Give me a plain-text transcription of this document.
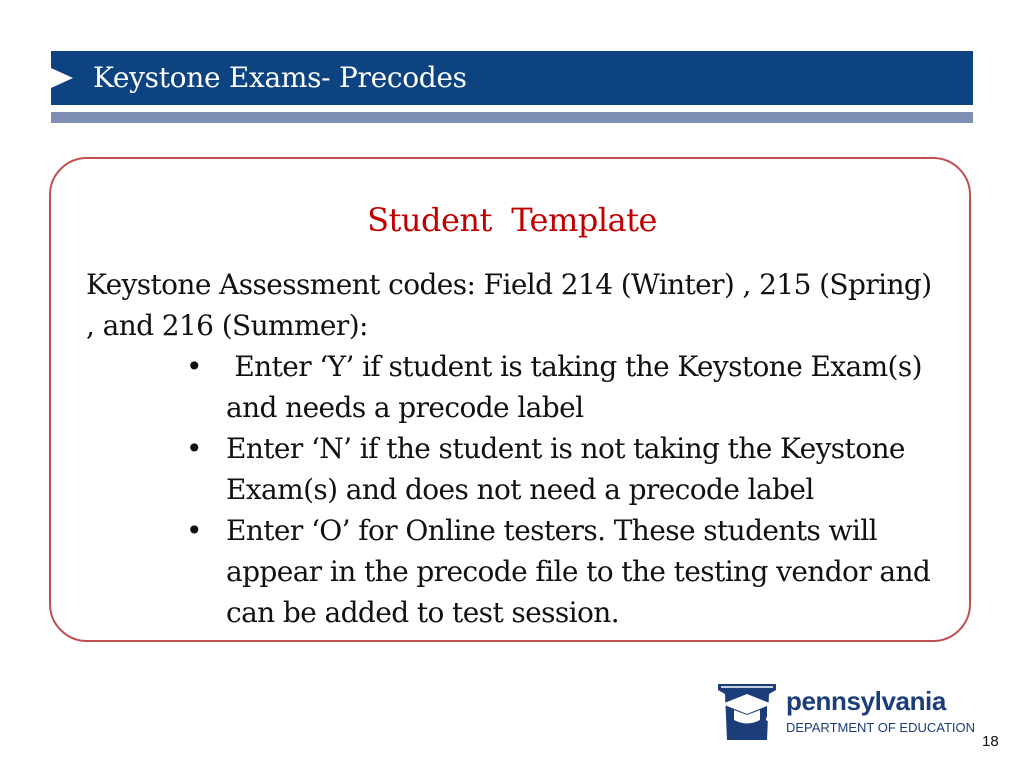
Keystone Exams- Precodes
Student  Template
Keystone Assessment codes: Field 214 (Winter) , 215 (Spring) , and 216 (Summer):
• Enter ‘Y’ if student is taking the Keystone Exam(s) and needs a precode label
• Enter ‘N’ if the student is not taking the Keystone Exam(s) and does not need a precode label
• Enter ‘O’ for Online testers. These students will appear in the precode file to the testing vendor and can be added to test session.
pennsylvania
DEPARTMENT OF EDUCATION
18
